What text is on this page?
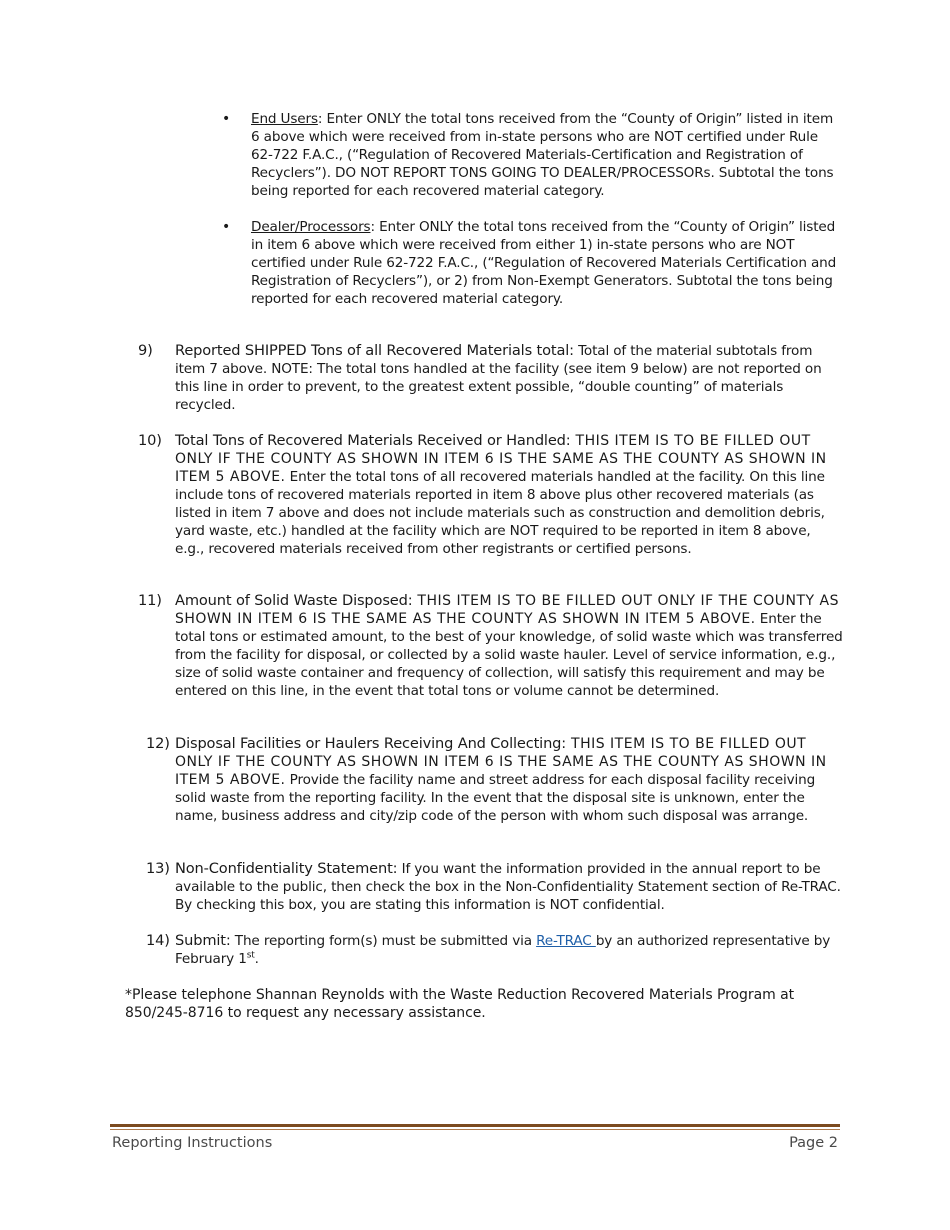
• End Users: Enter ONLY the total tons received from the “County of Origin” listed in item 6 above which were received from in-state persons who are NOT certified under Rule 62-722 F.A.C., (“Regulation of Recovered Materials-Certification and Registration of Recyclers”). DO NOT REPORT TONS GOING TO DEALER/PROCESSORs. Subtotal the tons being reported for each recovered material category.
• Dealer/Processors: Enter ONLY the total tons received from the “County of Origin” listed in item 6 above which were received from either 1) in-state persons who are NOT certified under Rule 62-722 F.A.C., (“Regulation of Recovered Materials Certification and Registration of Recyclers”), or 2) from Non-Exempt Generators. Subtotal the tons being reported for each recovered material category.
9)	Reported SHIPPED Tons of all Recovered Materials total: Total of the material subtotals from item 7 above. NOTE: The total tons handled at the facility (see item 9 below) are not reported on this line in order to prevent, to the greatest extent possible, “double counting” of materials recycled.
10) Total Tons of Recovered Materials Received or Handled: THIS ITEM IS TO BE FILLED OUT ONLY IF THE COUNTY AS SHOWN IN ITEM 6 IS THE SAME AS THE COUNTY AS SHOWN IN ITEM 5 ABOVE. Enter the total tons of all recovered materials handled at the facility. On this line include tons of recovered materials reported in item 8 above plus other recovered materials (as listed in item 7 above and does not include materials such as construction and demolition debris, yard waste, etc.) handled at the facility which are NOT required to be reported in item 8 above, e.g., recovered materials received from other registrants or certified persons.
11) Amount of Solid Waste Disposed: THIS ITEM IS TO BE FILLED OUT ONLY IF THE COUNTY AS SHOWN IN ITEM 6 IS THE SAME AS THE COUNTY AS SHOWN IN ITEM 5 ABOVE. Enter the total tons or estimated amount, to the best of your knowledge, of solid waste which was transferred from the facility for disposal, or collected by a solid waste hauler. Level of service information, e.g., size of solid waste container and frequency of collection, will satisfy this requirement and may be entered on this line, in the event that total tons or volume cannot be determined.
12) Disposal Facilities or Haulers Receiving And Collecting: THIS ITEM IS TO BE FILLED OUT ONLY IF THE COUNTY AS SHOWN IN ITEM 6 IS THE SAME AS THE COUNTY AS SHOWN IN ITEM 5 ABOVE. Provide the facility name and street address for each disposal facility receiving solid waste from the reporting facility. In the event that the disposal site is unknown, enter the name, business address and city/zip code of the person with whom such disposal was arrange.
13) Non-Confidentiality Statement: If you want the information provided in the annual report to be available to the public, then check the box in the Non-Confidentiality Statement section of Re-TRAC. By checking this box, you are stating this information is NOT confidential.
14) Submit: The reporting form(s) must be submitted via Re-TRAC by an authorized representative by February 1st.
*Please telephone Shannan Reynolds with the Waste Reduction Recovered Materials Program at 850/245-8716 to request any necessary assistance.
Reporting Instructions	Page 2
